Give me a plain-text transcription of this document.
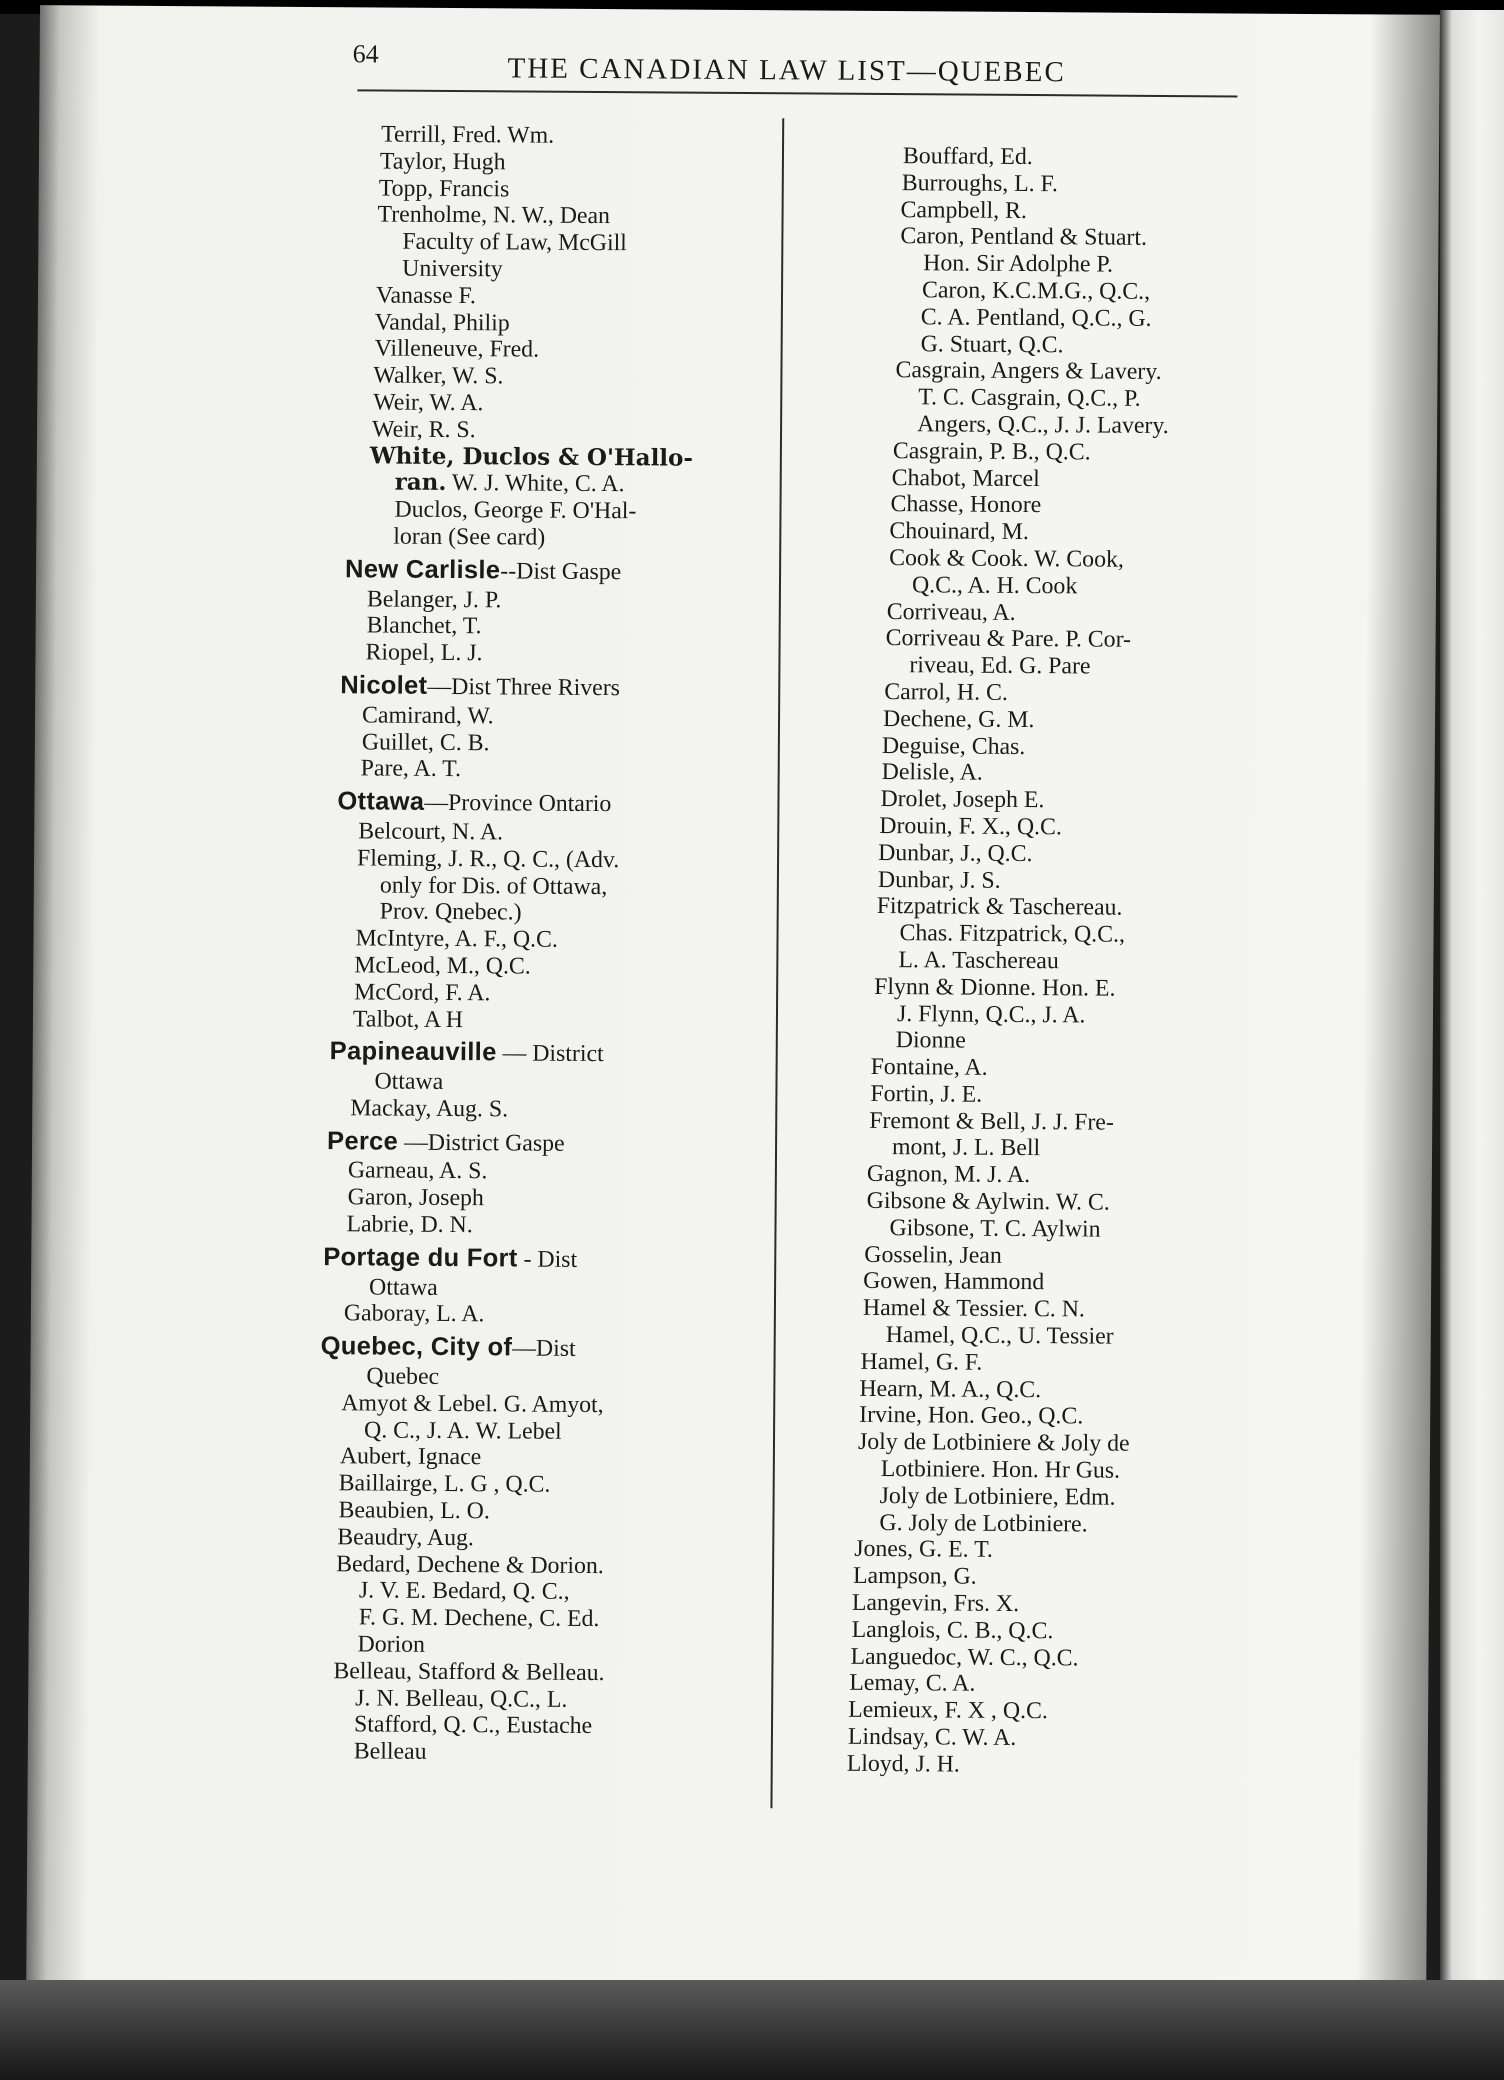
64	THE CANADIAN LAW LIST—QUEBEC
Terrill, Fred. Wm.
Taylor, Hugh
Topp, Francis
Trenholme, N. W., Dean
Faculty of Law, McGill
University
Vanasse F.
Vandal, Philip
Villeneuve, Fred.
Walker, W. S.
Weir, W. A.
Weir, R. S.
White, Duclos & O'Hallo-
ran. W. J. White, C. A.
Duclos, George F. O'Hal-
loran (See card)
New Carlisle--Dist Gaspe
Belanger, J. P.
Blanchet, T.
Riopel, L. J.
Nicolet—Dist Three Rivers
Camirand, W.
Guillet, C. B.
Pare, A. T.
Ottawa—Province Ontario
Belcourt, N. A.
Fleming, J. R., Q. C., (Adv.
only for Dis. of Ottawa,
Prov. Qnebec.)
McIntyre, A. F., Q.C.
McLeod, M., Q.C.
McCord, F. A.
Talbot, A H
Papineauville — District
Ottawa
Mackay, Aug. S.
Perce —District Gaspe
Garneau, A. S.
Garon, Joseph
Labrie, D. N.
Portage du Fort - Dist
Ottawa
Gaboray, L. A.
Quebec, City of—Dist
Quebec
Amyot & Lebel. G. Amyot,
Q. C., J. A. W. Lebel
Aubert, Ignace
Baillairge, L. G , Q.C.
Beaubien, L. O.
Beaudry, Aug.
Bedard, Dechene & Dorion.
J. V. E. Bedard, Q. C.,
F. G. M. Dechene, C. Ed.
Dorion
Belleau, Stafford & Belleau.
J. N. Belleau, Q.C., L.
Stafford, Q. C., Eustache
Belleau
Bouffard, Ed.
Burroughs, L. F.
Campbell, R.
Caron, Pentland & Stuart.
Hon. Sir Adolphe P.
Caron, K.C.M.G., Q.C.,
C. A. Pentland, Q.C., G.
G. Stuart, Q.C.
Casgrain, Angers & Lavery.
T. C. Casgrain, Q.C., P.
Angers, Q.C., J. J. Lavery.
Casgrain, P. B., Q.C.
Chabot, Marcel
Chasse, Honore
Chouinard, M.
Cook & Cook. W. Cook,
Q.C., A. H. Cook
Corriveau, A.
Corriveau & Pare. P. Cor-
riveau, Ed. G. Pare
Carrol, H. C.
Dechene, G. M.
Deguise, Chas.
Delisle, A.
Drolet, Joseph E.
Drouin, F. X., Q.C.
Dunbar, J., Q.C.
Dunbar, J. S.
Fitzpatrick & Taschereau.
Chas. Fitzpatrick, Q.C.,
L. A. Taschereau
Flynn & Dionne. Hon. E.
J. Flynn, Q.C., J. A.
Dionne
Fontaine, A.
Fortin, J. E.
Fremont & Bell, J. J. Fre-
mont, J. L. Bell
Gagnon, M. J. A.
Gibsone & Aylwin. W. C.
Gibsone, T. C. Aylwin
Gosselin, Jean
Gowen, Hammond
Hamel & Tessier. C. N.
Hamel, Q.C., U. Tessier
Hamel, G. F.
Hearn, M. A., Q.C.
Irvine, Hon. Geo., Q.C.
Joly de Lotbiniere & Joly de
Lotbiniere. Hon. Hr Gus.
Joly de Lotbiniere, Edm.
G. Joly de Lotbiniere.
Jones, G. E. T.
Lampson, G.
Langevin, Frs. X.
Langlois, C. B., Q.C.
Languedoc, W. C., Q.C.
Lemay, C. A.
Lemieux, F. X , Q.C.
Lindsay, C. W. A.
Lloyd, J. H.
